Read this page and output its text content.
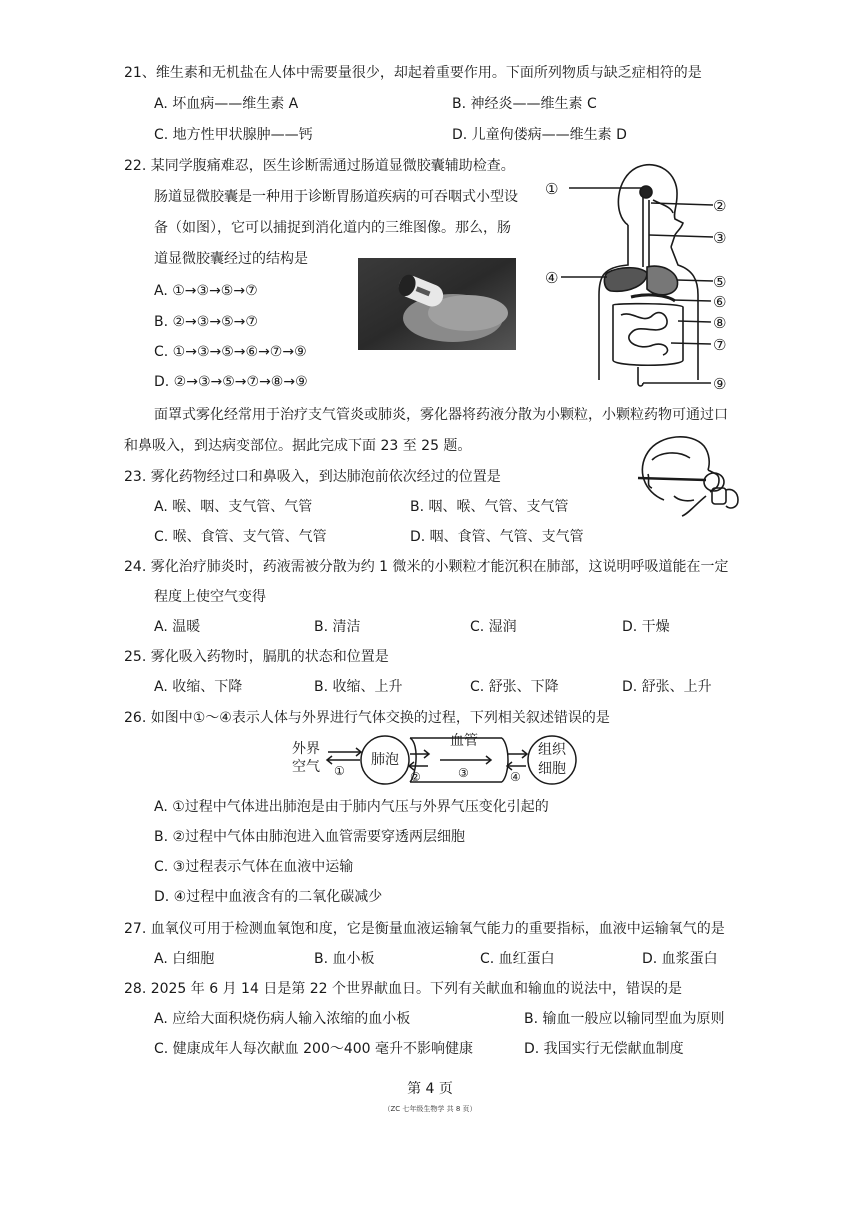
21、维生素和无机盐在人体中需要量很少，却起着重要作用。下面所列物质与缺乏症相符的是
A. 坏血病——维生素 A	B. 神经炎——维生素 C
C. 地方性甲状腺肿——钙	D. 儿童佝偻病——维生素 D
22. 某同学腹痛难忍，医生诊断需通过肠道显微胶囊辅助检查。
肠道显微胶囊是一种用于诊断胃肠道疾病的可吞咽式小型设
备（如图），它可以捕捉到消化道内的三维图像。那么，肠
道显微胶囊经过的结构是
A. ①→③→⑤→⑦
B. ②→③→⑤→⑦
C. ①→③→⑤→⑥→⑦→⑨
D. ②→③→⑤→⑦→⑧→⑨
①
②
③
④	⑤
⑥
⑧
⑦
⑨
面罩式雾化经常用于治疗支气管炎或肺炎，雾化器将药液分散为小颗粒，小颗粒药物可通过口
和鼻吸入，到达病变部位。据此完成下面 23 至 25 题。
23. 雾化药物经过口和鼻吸入，到达肺泡前依次经过的位置是
A. 喉、咽、支气管、气管	B. 咽、喉、气管、支气管
C. 喉、食管、支气管、气管	D. 咽、食管、气管、支气管
24. 雾化治疗肺炎时，药液需被分散为约 1 微米的小颗粒才能沉积在肺部，这说明呼吸道能在一定
程度上使空气变得
A. 温暖	B. 清洁	C. 湿润	D. 干燥
25. 雾化吸入药物时，膈肌的状态和位置是
A. 收缩、下降	B. 收缩、上升	C. 舒张、下降	D. 舒张、上升
26. 如图中①～④表示人体与外界进行气体交换的过程，下列相关叙述错误的是
外界
空气 ①
肺泡
②
血管
③	④
组织
细胞
A. ①过程中气体进出肺泡是由于肺内气压与外界气压变化引起的
B. ②过程中气体由肺泡进入血管需要穿透两层细胞
C. ③过程表示气体在血液中运输
D. ④过程中血液含有的二氧化碳减少
27. 血氧仪可用于检测血氧饱和度，它是衡量血液运输氧气能力的重要指标，血液中运输氧气的是
A. 白细胞	B. 血小板	C. 血红蛋白	D. 血浆蛋白
28. 2025 年 6 月 14 日是第 22 个世界献血日。下列有关献血和输血的说法中，错误的是
A. 应给大面积烧伤病人输入浓缩的血小板	B. 输血一般应以输同型血为原则
C. 健康成年人每次献血 200～400 毫升不影响健康	D. 我国实行无偿献血制度
第 4 页
（ZC 七年级生物学 共 8 页）
